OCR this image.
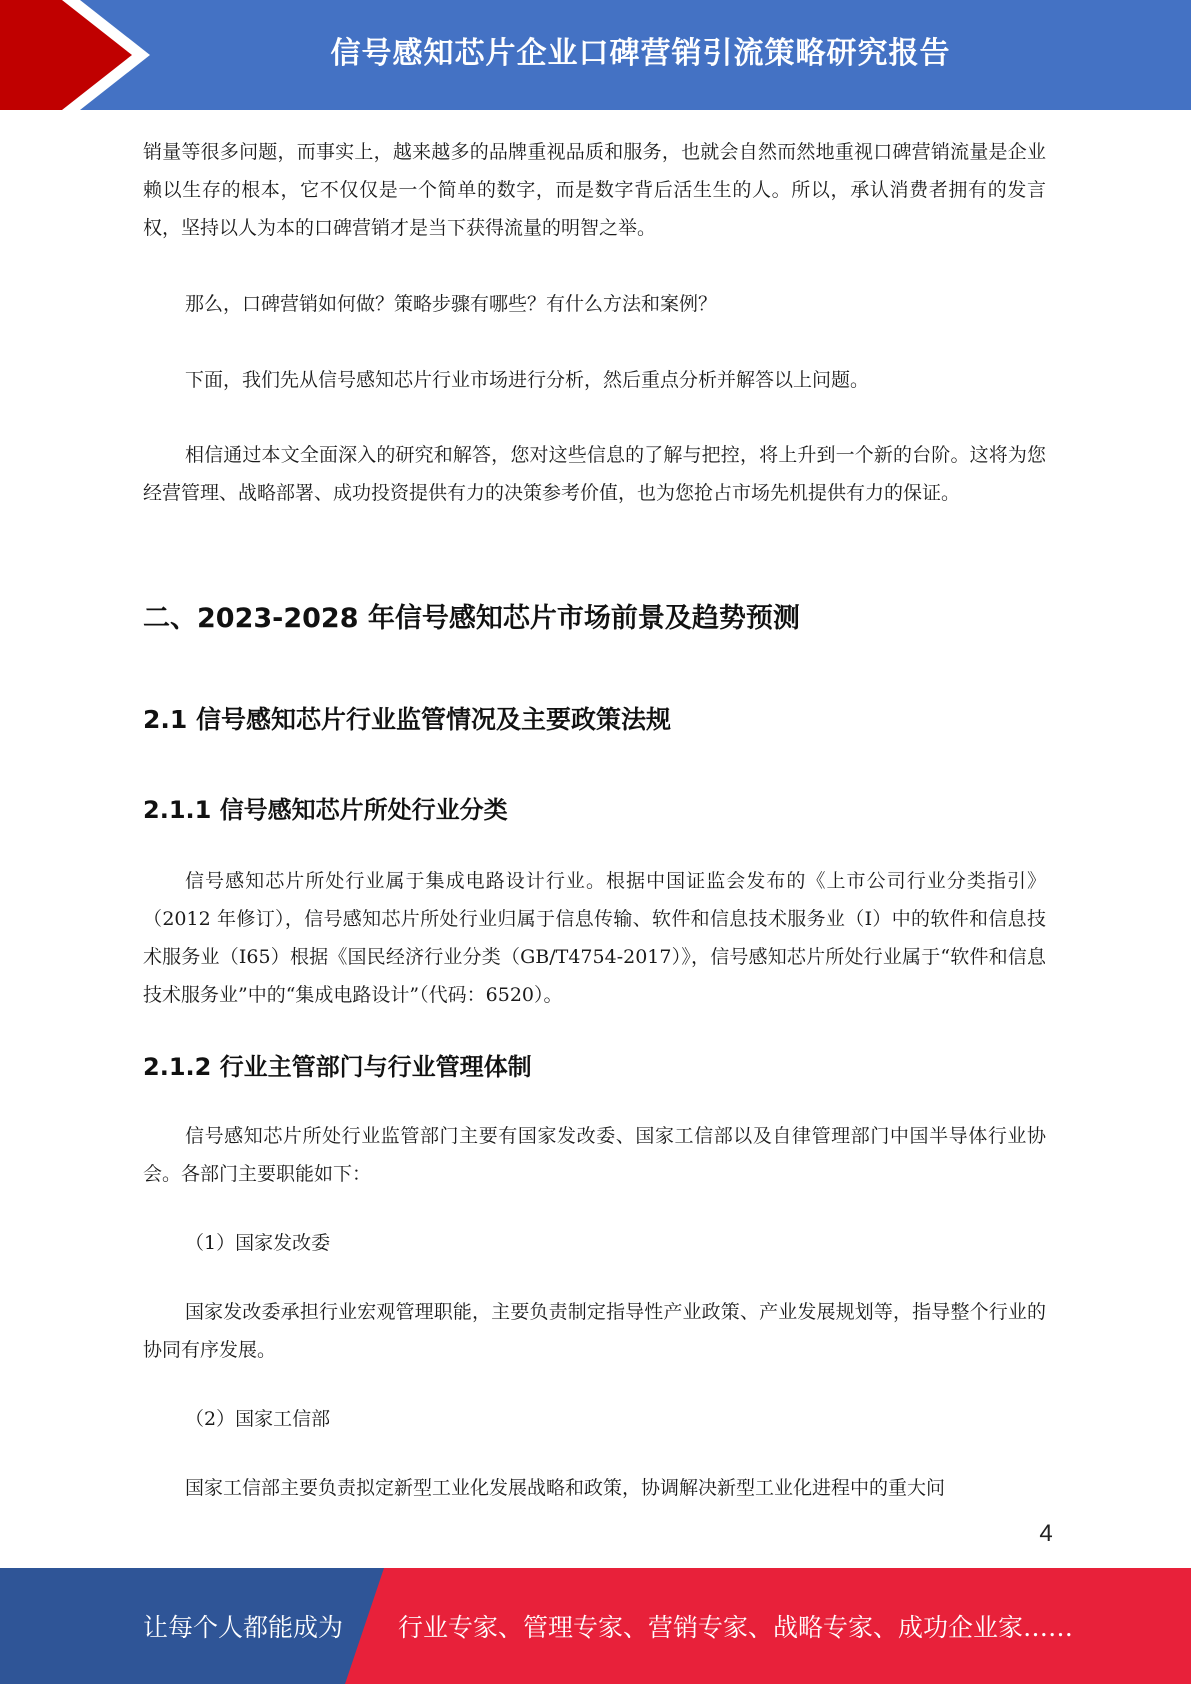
信号感知芯片企业口碑营销引流策略研究报告

销量等很多问题，而事实上，越来越多的品牌重视品质和服务，也就会自然而然地重视口碑营销流量是企业赖以生存的根本，它不仅仅是一个简单的数字，而是数字背后活生生的人。所以，承认消费者拥有的发言权，坚持以人为本的口碑营销才是当下获得流量的明智之举。

那么，口碑营销如何做？策略步骤有哪些？有什么方法和案例？

下面，我们先从信号感知芯片行业市场进行分析，然后重点分析并解答以上问题。

相信通过本文全面深入的研究和解答，您对这些信息的了解与把控，将上升到一个新的台阶。这将为您经营管理、战略部署、成功投资提供有力的决策参考价值，也为您抢占市场先机提供有力的保证。

二、2023-2028 年信号感知芯片市场前景及趋势预测
2.1 信号感知芯片行业监管情况及主要政策法规
2.1.1 信号感知芯片所处行业分类

信号感知芯片所处行业属于集成电路设计行业。根据中国证监会发布的《上市公司行业分类指引》（2012 年修订），信号感知芯片所处行业归属于信息传输、软件和信息技术服务业（I）中的软件和信息技术服务业（I65）根据《国民经济行业分类（GB/T4754-2017）》，信号感知芯片所处行业属于“软件和信息技术服务业”中的“集成电路设计”（代码：6520）。

2.1.2 行业主管部门与行业管理体制

信号感知芯片所处行业监管部门主要有国家发改委、国家工信部以及自律管理部门中国半导体行业协会。各部门主要职能如下：

（1）国家发改委

国家发改委承担行业宏观管理职能，主要负责制定指导性产业政策、产业发展规划等，指导整个行业的协同有序发展。

（2）国家工信部

国家工信部主要负责拟定新型工业化发展战略和政策，协调解决新型工业化进程中的重大问

4
让每个人都能成为 行业专家、管理专家、营销专家、战略专家、成功企业家……
